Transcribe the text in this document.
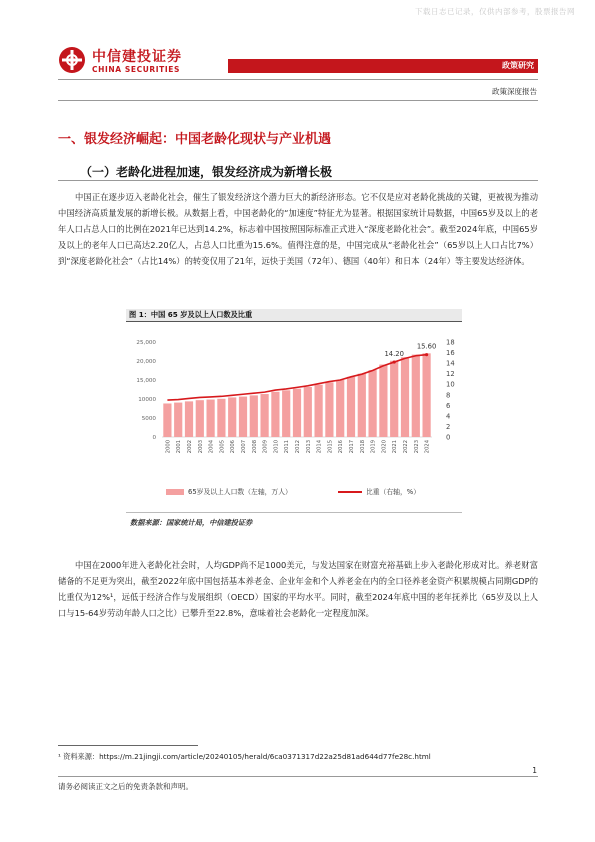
下载日志已记录，仅供内部参考，股票报告网
中信建投证券
CHINA SECURITIES	政策研究
政策深度报告
一、银发经济崛起：中国老龄化现状与产业机遇
（一）老龄化进程加速，银发经济成为新增长极

中国正在逐步迈入老龄化社会，催生了银发经济这个潜力巨大的新经济形态。它不仅是应对老龄化挑战的关键，更被视为推动中国经济高质量发展的新增长极。从数据上看，中国老龄化的“加速度”特征尤为显著。根据国家统计局数据，中国65岁及以上的老年人口占总人口的比例在2021年已达到14.2%，标志着中国按照国际标准正式进入“深度老龄化社会”。截至2024年底，中国65岁及以上的老年人口已高达2.20亿人，占总人口比重为15.6%。值得注意的是，中国完成从“老龄化社会”（65岁以上人口占比7%）到“深度老龄化社会”（占比14%）的转变仅用了21年，远快于美国（72年）、德国（40年）和日本（24年）等主要发达经济体。

图 1：中国 65 岁及以上人口数及比重
0
5000
10000
15,000
20,000
25,000
0
2
4
6
8
10
12
14
16
18
14.20
15.60
2000 2001 2002 2003 2004 2005 2006 2007 2008 2009 2010 2011 2012 2013 2014 2015 2016 2017 2018 2019 2020 2021 2022 2023 2024
65岁及以上人口数（左轴，万人）	比重（右轴，%）
数据来源：国家统计局，中信建投证券

中国在2000年进入老龄化社会时，人均GDP尚不足1000美元，与发达国家在财富充裕基础上步入老龄化形成对比。养老财富储备的不足更为突出，截至2022年底中国包括基本养老金、企业年金和个人养老金在内的全口径养老金资产积累规模占同期GDP的比重仅为12%¹，远低于经济合作与发展组织（OECD）国家的平均水平。同时，截至2024年底中国的老年抚养比（65岁及以上人口与15-64岁劳动年龄人口之比）已攀升至22.8%，意味着社会老龄化一定程度加深。

¹ 资料来源：https://m.21jingji.com/article/20240105/herald/6ca0371317d22a25d81ad644d77fe28c.html
1
请务必阅读正文之后的免责条款和声明。
